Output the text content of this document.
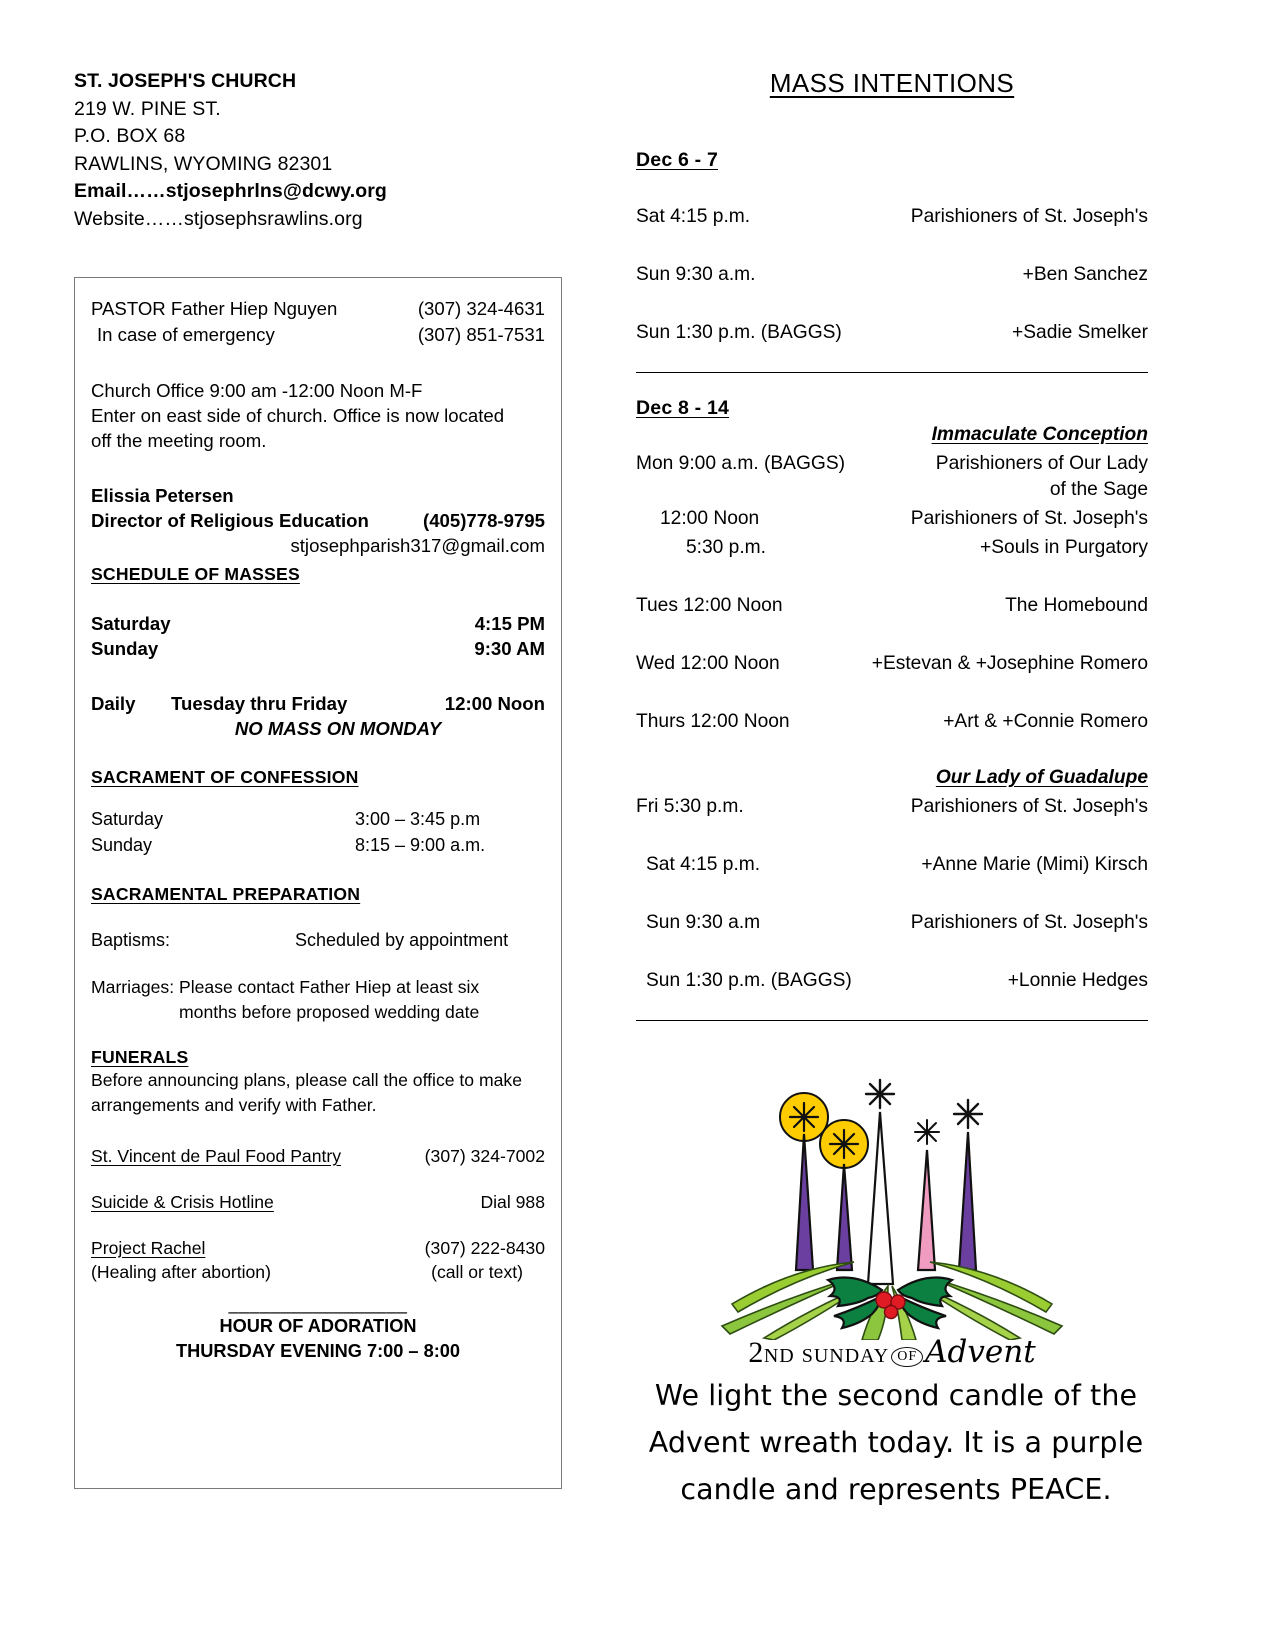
ST. JOSEPH'S CHURCH
219 W. PINE ST.
P.O. BOX 68
RAWLINS, WYOMING 82301
Email……stjosephrlns@dcwy.org
Website……stjosephsrawlins.org
PASTOR Father Hiep Nguyen	(307) 324-4631
In case of emergency	(307) 851-7531
Church Office 9:00 am -12:00 Noon M-F
Enter on east side of church. Office is now located
off the meeting room.
Elissia Petersen
Director of Religious Education	(405)778-9795
stjosephparish317@gmail.com
SCHEDULE OF MASSES
Saturday	4:15 PM
Sunday	9:30 AM
Daily	Tuesday thru Friday	12:00 Noon
NO MASS ON MONDAY
SACRAMENT OF CONFESSION
Saturday	3:00 – 3:45 p.m
Sunday	8:15 – 9:00 a.m.
SACRAMENTAL PREPARATION
Baptisms:	Scheduled by appointment
Marriages: Please contact Father Hiep at least six
months before proposed wedding date
FUNERALS
Before announcing plans, please call the office to make
arrangements and verify with Father.
St. Vincent de Paul Food Pantry	(307) 324-7002
Suicide & Crisis Hotline	Dial 988
Project Rachel	(307) 222-8430
(Healing after abortion)	(call or text)
_________________
HOUR OF ADORATION
THURSDAY EVENING 7:00 – 8:00
MASS INTENTIONS
Dec 6 - 7
Sat 4:15 p.m.	Parishioners of St. Joseph's
Sun 9:30 a.m.	+Ben Sanchez
Sun 1:30 p.m. (BAGGS)	+Sadie Smelker
Dec 8 - 14
Immaculate Conception
Mon 9:00 a.m. (BAGGS)	Parishioners of Our Lady
of the Sage
12:00 Noon	Parishioners of St. Joseph's
5:30 p.m.	+Souls in Purgatory
Tues 12:00 Noon	The Homebound
Wed 12:00 Noon	+Estevan & +Josephine Romero
Thurs 12:00 Noon	+Art & +Connie Romero
Our Lady of Guadalupe
Fri 5:30 p.m.	Parishioners of St. Joseph's
Sat 4:15 p.m.	+Anne Marie (Mimi) Kirsch
Sun 9:30 a.m	Parishioners of St. Joseph's
Sun 1:30 p.m. (BAGGS)	+Lonnie Hedges
2ND SUNDAY OF Advent
We light the second candle of the
Advent wreath today. It is a purple
candle and represents PEACE.
